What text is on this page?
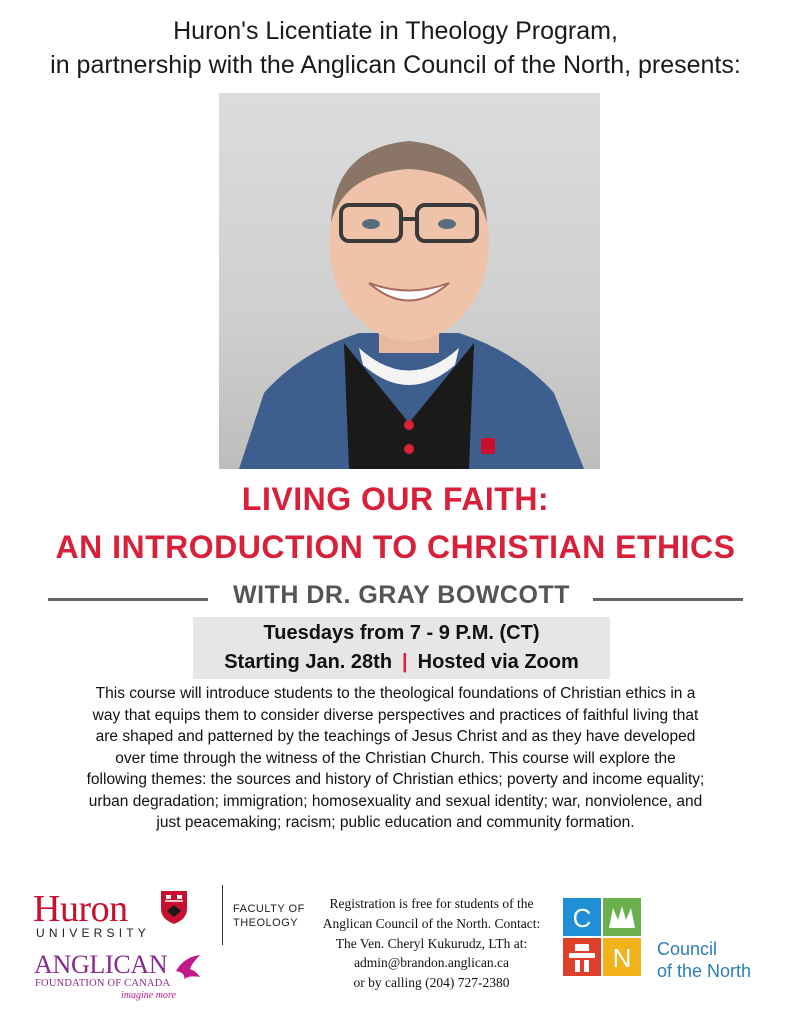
Huron's Licentiate in Theology Program,
in partnership with the Anglican Council of the North, presents:
LIVING OUR FAITH:
AN INTRODUCTION TO CHRISTIAN ETHICS
WITH DR. GRAY BOWCOTT
Tuesdays from 7 - 9 P.M. (CT)
Starting Jan. 28th | Hosted via Zoom
This course will introduce students to the theological foundations of Christian ethics in a
way that equips them to consider diverse perspectives and practices of faithful living that
are shaped and patterned by the teachings of Jesus Christ and as they have developed
over time through the witness of the Christian Church. This course will explore the
following themes: the sources and history of Christian ethics; poverty and income equality;
urban degradation; immigration; homosexuality and sexual identity; war, nonviolence, and
just peacemaking; racism; public education and community formation.
Huron
UNIVERSITY
FACULTY OF
THEOLOGY
ANGLICAN
FOUNDATION OF CANADA
imagine more
Registration is free for students of the
Anglican Council of the North. Contact:
The Ven. Cheryl Kukurudz, LTh at:
admin@brandon.anglican.ca
or by calling (204) 727-2380
C
N Council
of the North
